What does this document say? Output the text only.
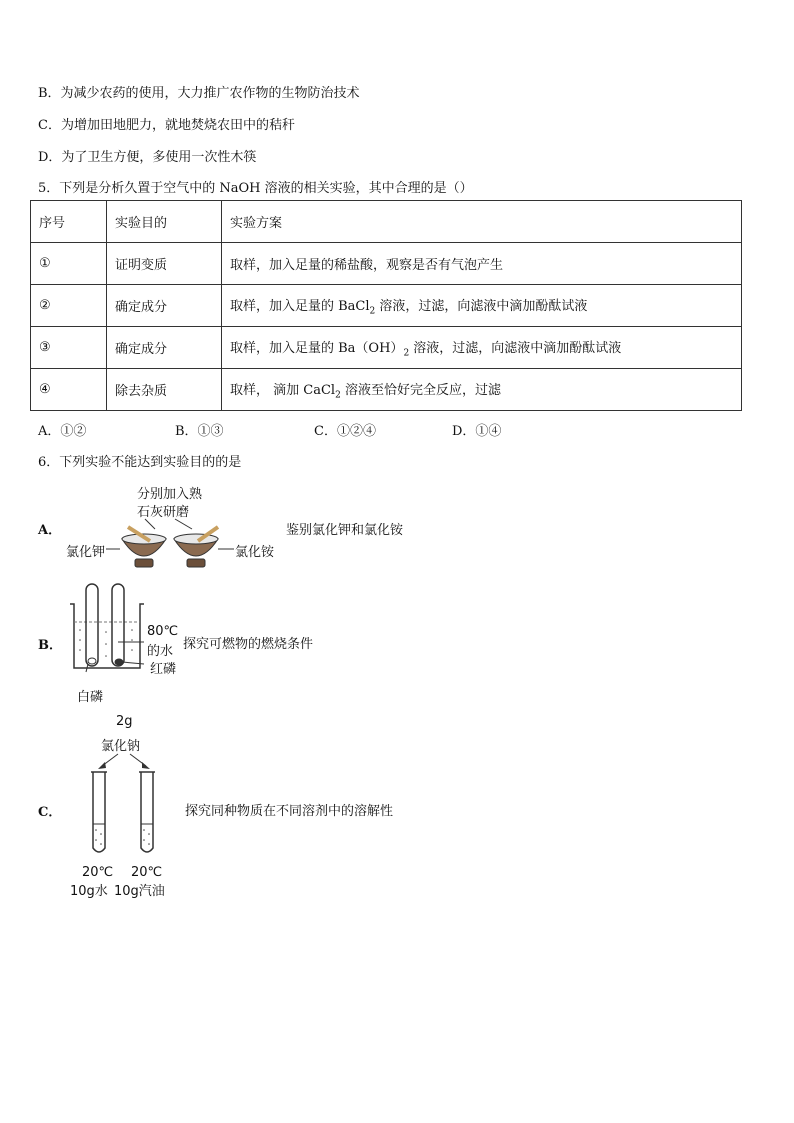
B．为减少农药的使用，大力推广农作物的生物防治技术
C．为增加田地肥力，就地焚烧农田中的秸秆
D．为了卫生方便，多使用一次性木筷
5．下列是分析久置于空气中的 NaOH 溶液的相关实验，其中合理的是（）
序号	实验目的	实验方案
①	证明变质	取样，加入足量的稀盐酸，观察是否有气泡产生
②	确定成分	取样，加入足量的 BaCl$_2$ 溶液，过滤，向滤液中滴加酚酞试液
③	确定成分	取样，加入足量的 $Ba(OH)_2$ 溶液，过滤，向滤液中滴加酚酞试液
④	除去杂质	取样， 滴加 CaCl$_2$ 溶液至恰好完全反应，过滤
A．①②	B．①③	C．①②④	D．①④
6．下列实验不能达到实验目的的是
A．
分别加入熟
石灰研磨
氯化钾	氯化铵
鉴别氯化钾和氯化铵
B．
80℃
的水
红磷
白磷
探究可燃物的燃烧条件
C．
2g
氯化钠
20℃
10g水
20℃
10g汽油
探究同种物质在不同溶剂中的溶解性
